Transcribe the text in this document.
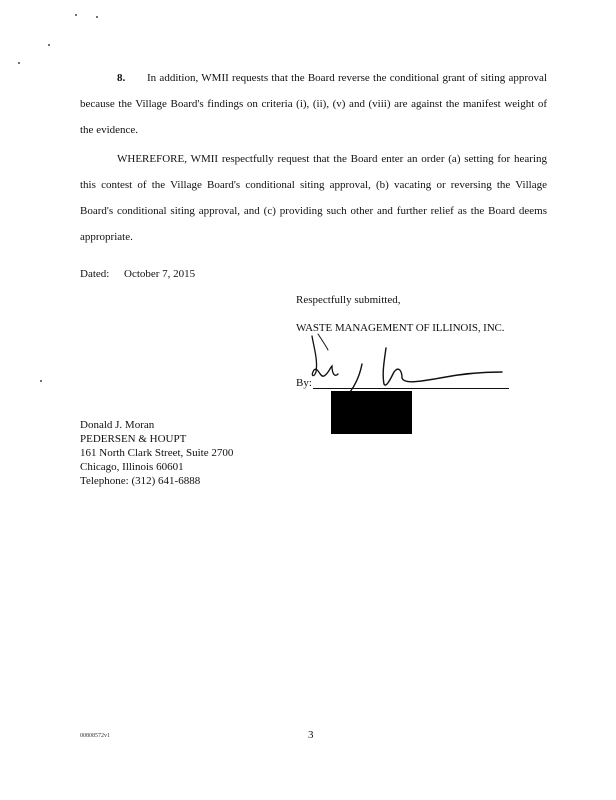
8. In addition, WMII requests that the Board reverse the conditional grant of siting approval because the Village Board's findings on criteria (i), (ii), (v) and (viii) are against the manifest weight of the evidence.

WHEREFORE, WMII respectfully request that the Board enter an order (a) setting for hearing this contest of the Village Board's conditional siting approval, (b) vacating or reversing the Village Board's conditional siting approval, and (c) providing such other and further relief as the Board deems appropriate.

Dated: October 7, 2015
Respectfully submitted,
WASTE MANAGEMENT OF ILLINOIS, INC.
By:
Donald J. Moran
PEDERSEN & HOUPT
161 North Clark Street, Suite 2700
Chicago, Illinois 60601
Telephone: (312) 641-6888
00808572v1	3
